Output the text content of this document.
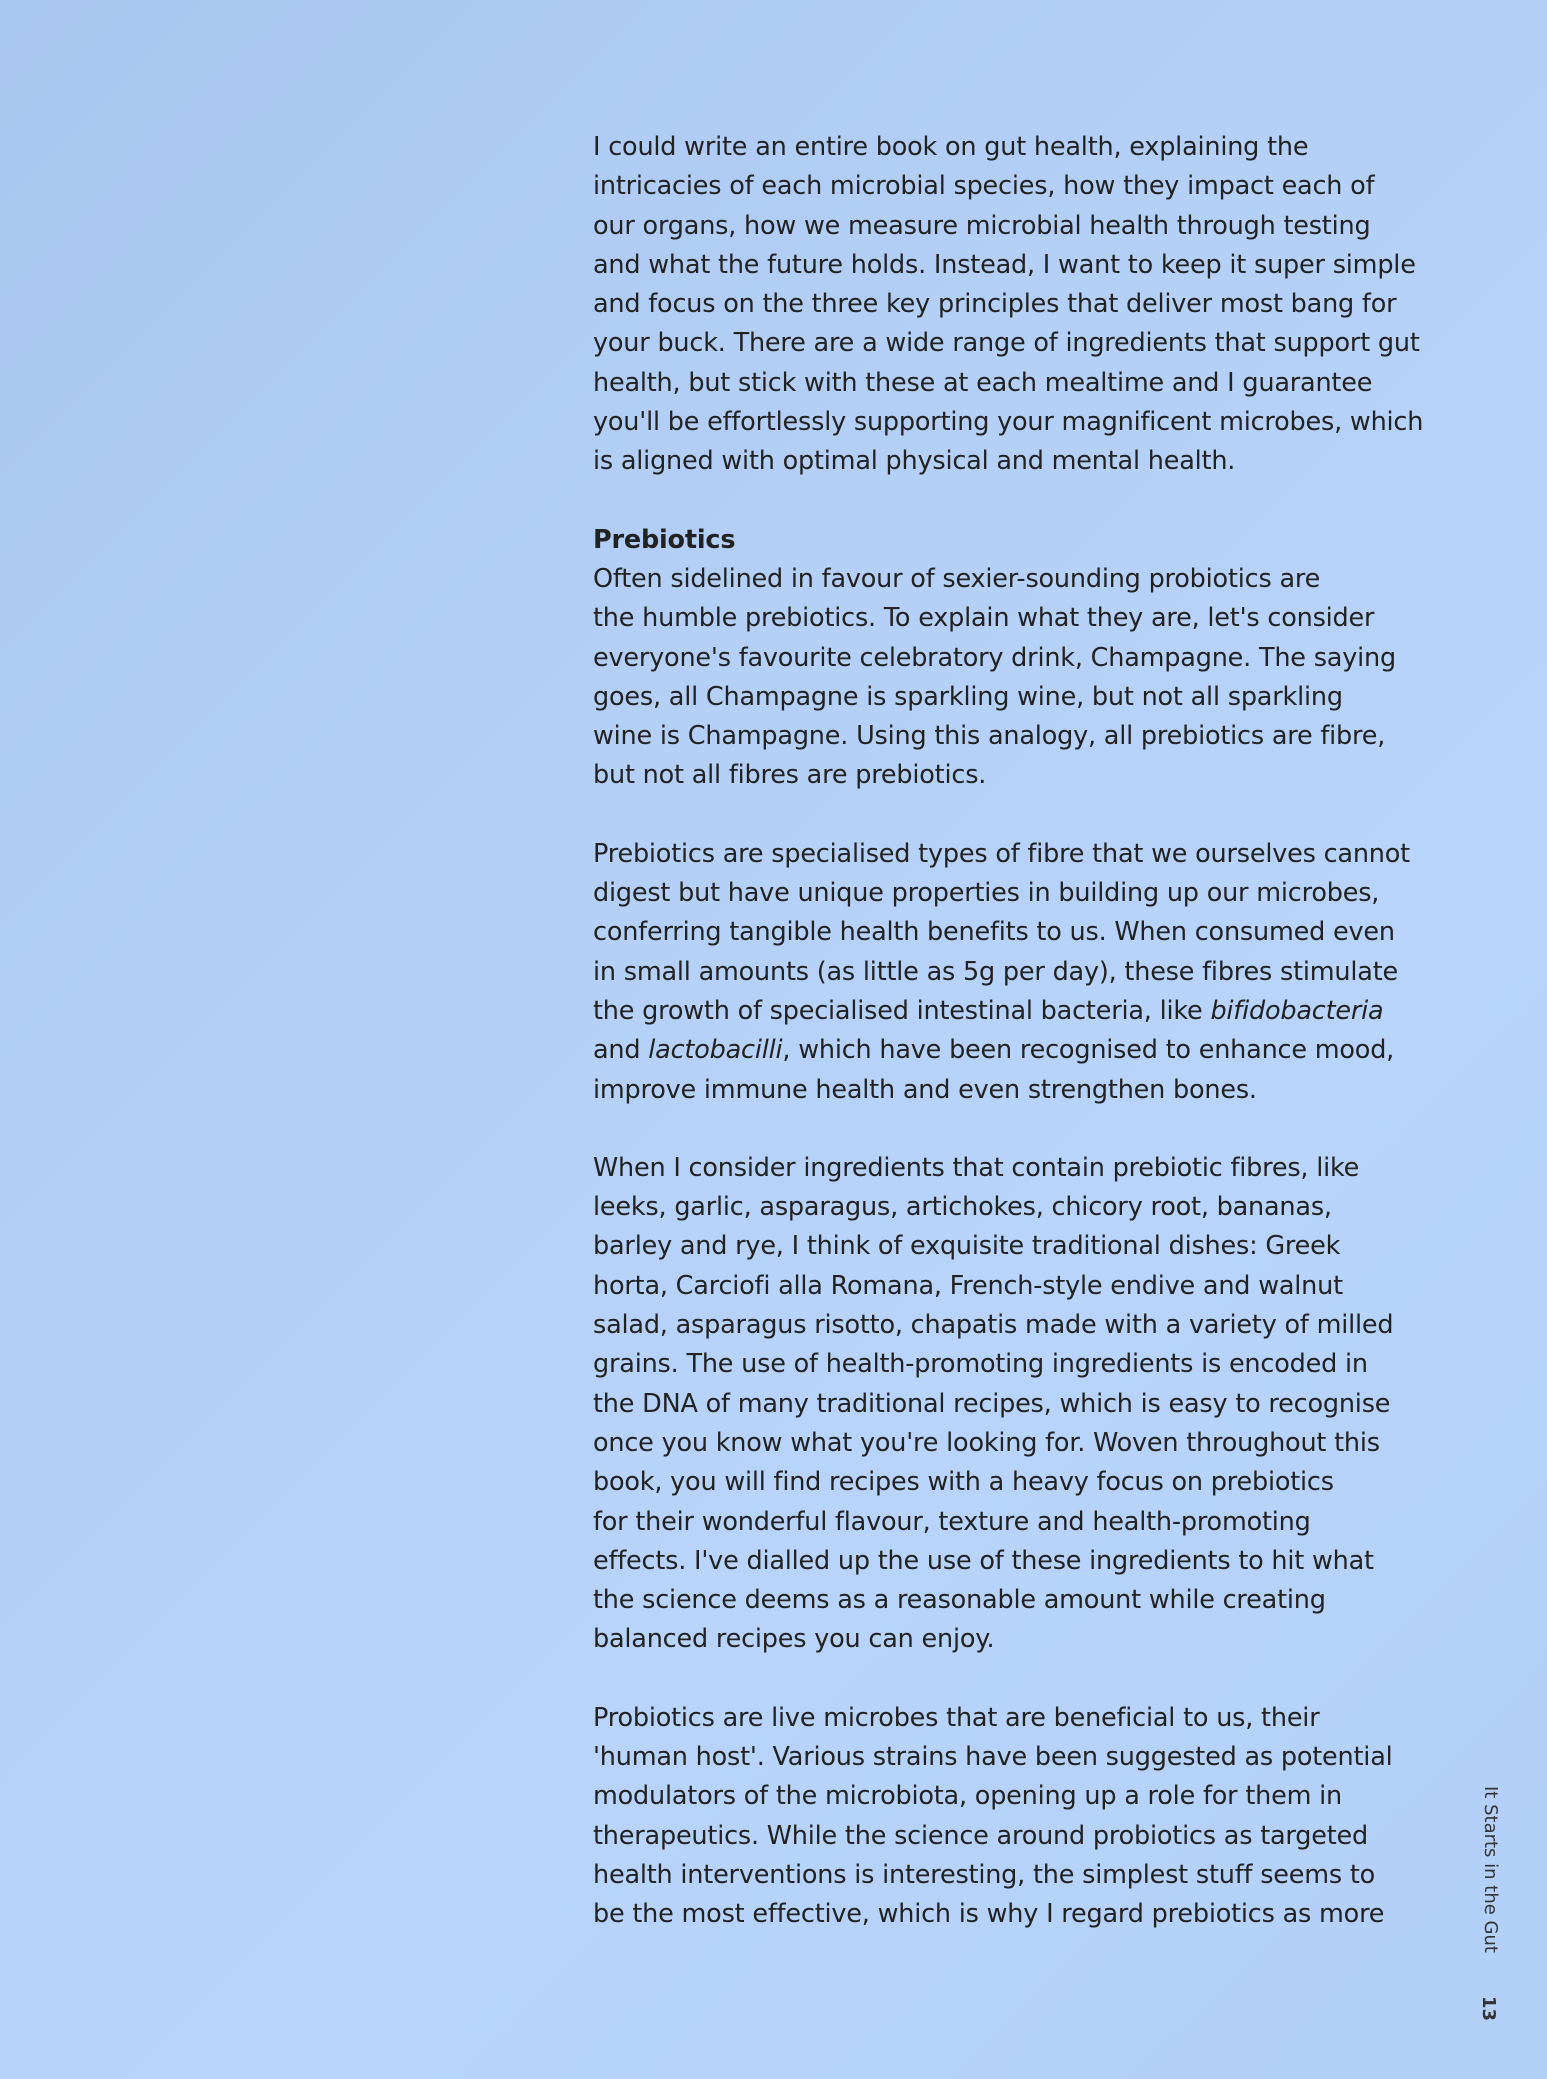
I could write an entire book on gut health, explaining the
intricacies of each microbial species, how they impact each of
our organs, how we measure microbial health through testing
and what the future holds. Instead, I want to keep it super simple
and focus on the three key principles that deliver most bang for
your buck. There are a wide range of ingredients that support gut
health, but stick with these at each mealtime and I guarantee
you'll be effortlessly supporting your magnificent microbes, which
is aligned with optimal physical and mental health.
Prebiotics
Often sidelined in favour of sexier-sounding probiotics are
the humble prebiotics. To explain what they are, let's consider
everyone's favourite celebratory drink, Champagne. The saying
goes, all Champagne is sparkling wine, but not all sparkling
wine is Champagne. Using this analogy, all prebiotics are fibre,
but not all fibres are prebiotics.
Prebiotics are specialised types of fibre that we ourselves cannot
digest but have unique properties in building up our microbes,
conferring tangible health benefits to us. When consumed even
in small amounts (as little as 5g per day), these fibres stimulate
the growth of specialised intestinal bacteria, like bifidobacteria
and lactobacilli, which have been recognised to enhance mood,
improve immune health and even strengthen bones.
When I consider ingredients that contain prebiotic fibres, like
leeks, garlic, asparagus, artichokes, chicory root, bananas,
barley and rye, I think of exquisite traditional dishes: Greek
horta, Carciofi alla Romana, French-style endive and walnut
salad, asparagus risotto, chapatis made with a variety of milled
grains. The use of health-promoting ingredients is encoded in
the DNA of many traditional recipes, which is easy to recognise
once you know what you're looking for. Woven throughout this
book, you will find recipes with a heavy focus on prebiotics
for their wonderful flavour, texture and health-promoting
effects. I've dialled up the use of these ingredients to hit what
the science deems as a reasonable amount while creating
balanced recipes you can enjoy.
Probiotics are live microbes that are beneficial to us, their
'human host'. Various strains have been suggested as potential
modulators of the microbiota, opening up a role for them in
therapeutics. While the science around probiotics as targeted
health interventions is interesting, the simplest stuff seems to
be the most effective, which is why I regard prebiotics as more	It Starts in the Gut
13
